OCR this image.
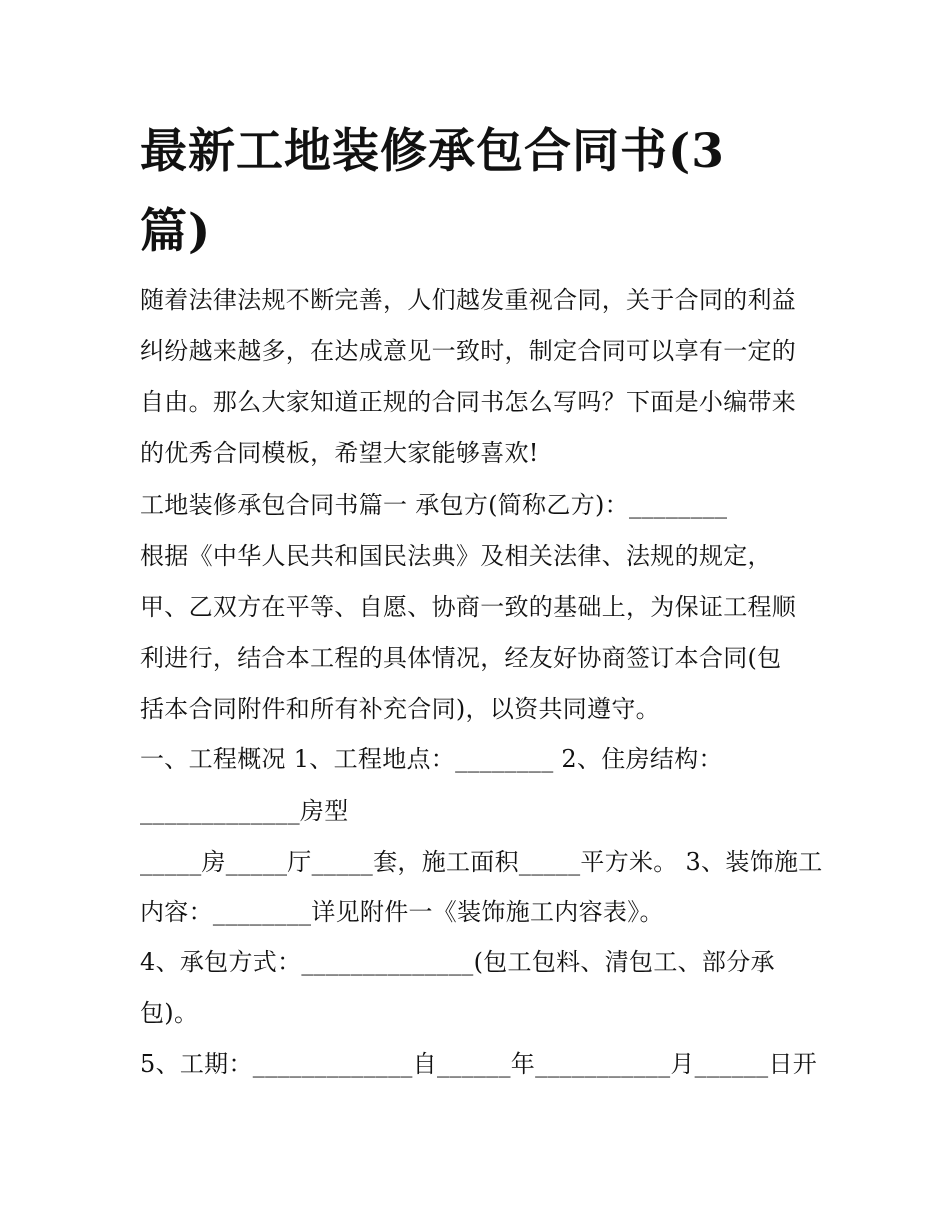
最新工地装修承包合同书(3
篇)

随着法律法规不断完善，人们越发重视合同，关于合同的利益

纠纷越来越多，在达成意见一致时，制定合同可以享有一定的

自由。那么大家知道正规的合同书怎么写吗？下面是小编带来

的优秀合同模板，希望大家能够喜欢!

工地装修承包合同书篇一 承包方(简称乙方)：________

根据《中华人民共和国民法典》及相关法律、法规的规定，

甲、乙双方在平等、自愿、协商一致的基础上，为保证工程顺

利进行，结合本工程的具体情况，经友好协商签订本合同(包

括本合同附件和所有补充合同)，以资共同遵守。

一、工程概况 1、工程地点：________ 2、住房结构：

_____________房型

_____房_____厅_____套，施工面积_____平方米。 3、装饰施工

内容：________详见附件一《装饰施工内容表》。

4、承包方式：______________(包工包料、清包工、部分承

包)。

5、工期：_____________自______年___________月______日开
